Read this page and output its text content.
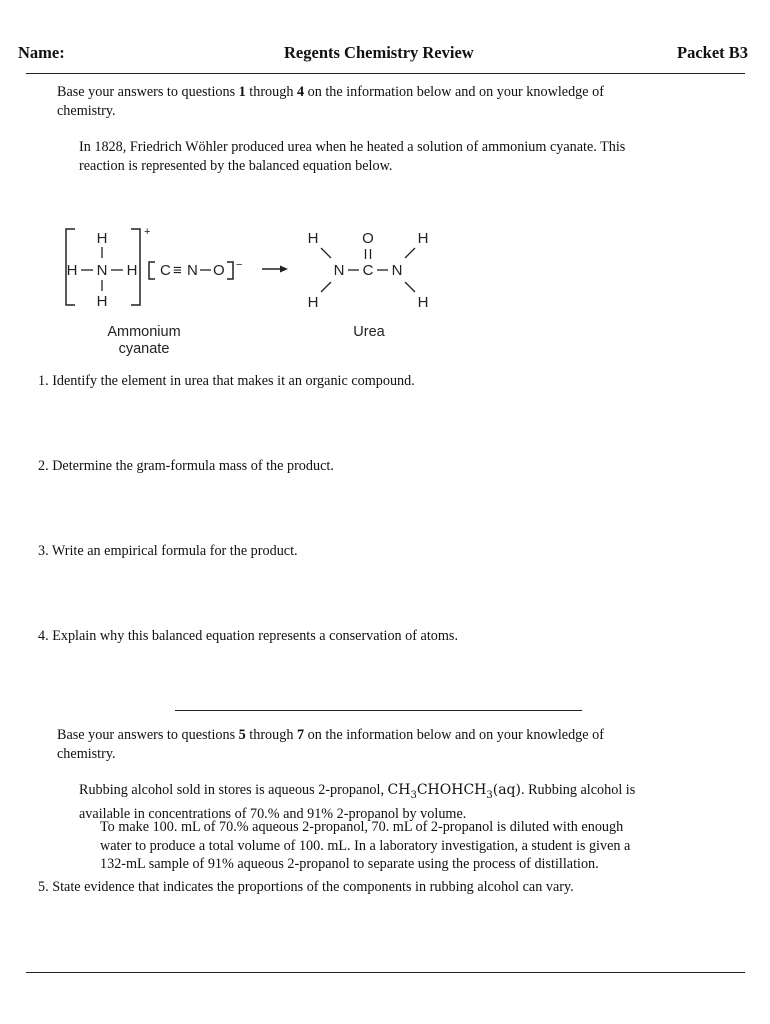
Name:	Regents Chemistry Review	Packet B3
Base your answers to questions 1 through 4 on the information below and on your knowledge of
chemistry.
In 1828, Friedrich Wöhler produced urea when he heated a solution of ammonium cyanate. This
reaction is represented by the balanced equation below.
+
H
H N H
H
C ≡ N O −
H	O	H
N C N
H	H
Ammonium
cyanate
Urea
1. Identify the element in urea that makes it an organic compound.
2. Determine the gram-formula mass of the product.
3. Write an empirical formula for the product.
4. Explain why this balanced equation represents a conservation of atoms.
Base your answers to questions 5 through 7 on the information below and on your knowledge of
chemistry.
Rubbing alcohol sold in stores is aqueous 2-propanol, $CH_3CHOHCH_3(aq)$. Rubbing alcohol is
available in concentrations of 70.% and 91% 2-propanol by volume.
To make 100. mL of 70.% aqueous 2-propanol, 70. mL of 2-propanol is diluted with enough
water to produce a total volume of 100. mL. In a laboratory investigation, a student is given a
132-mL sample of 91% aqueous 2-propanol to separate using the process of distillation.
5. State evidence that indicates the proportions of the components in rubbing alcohol can vary.
